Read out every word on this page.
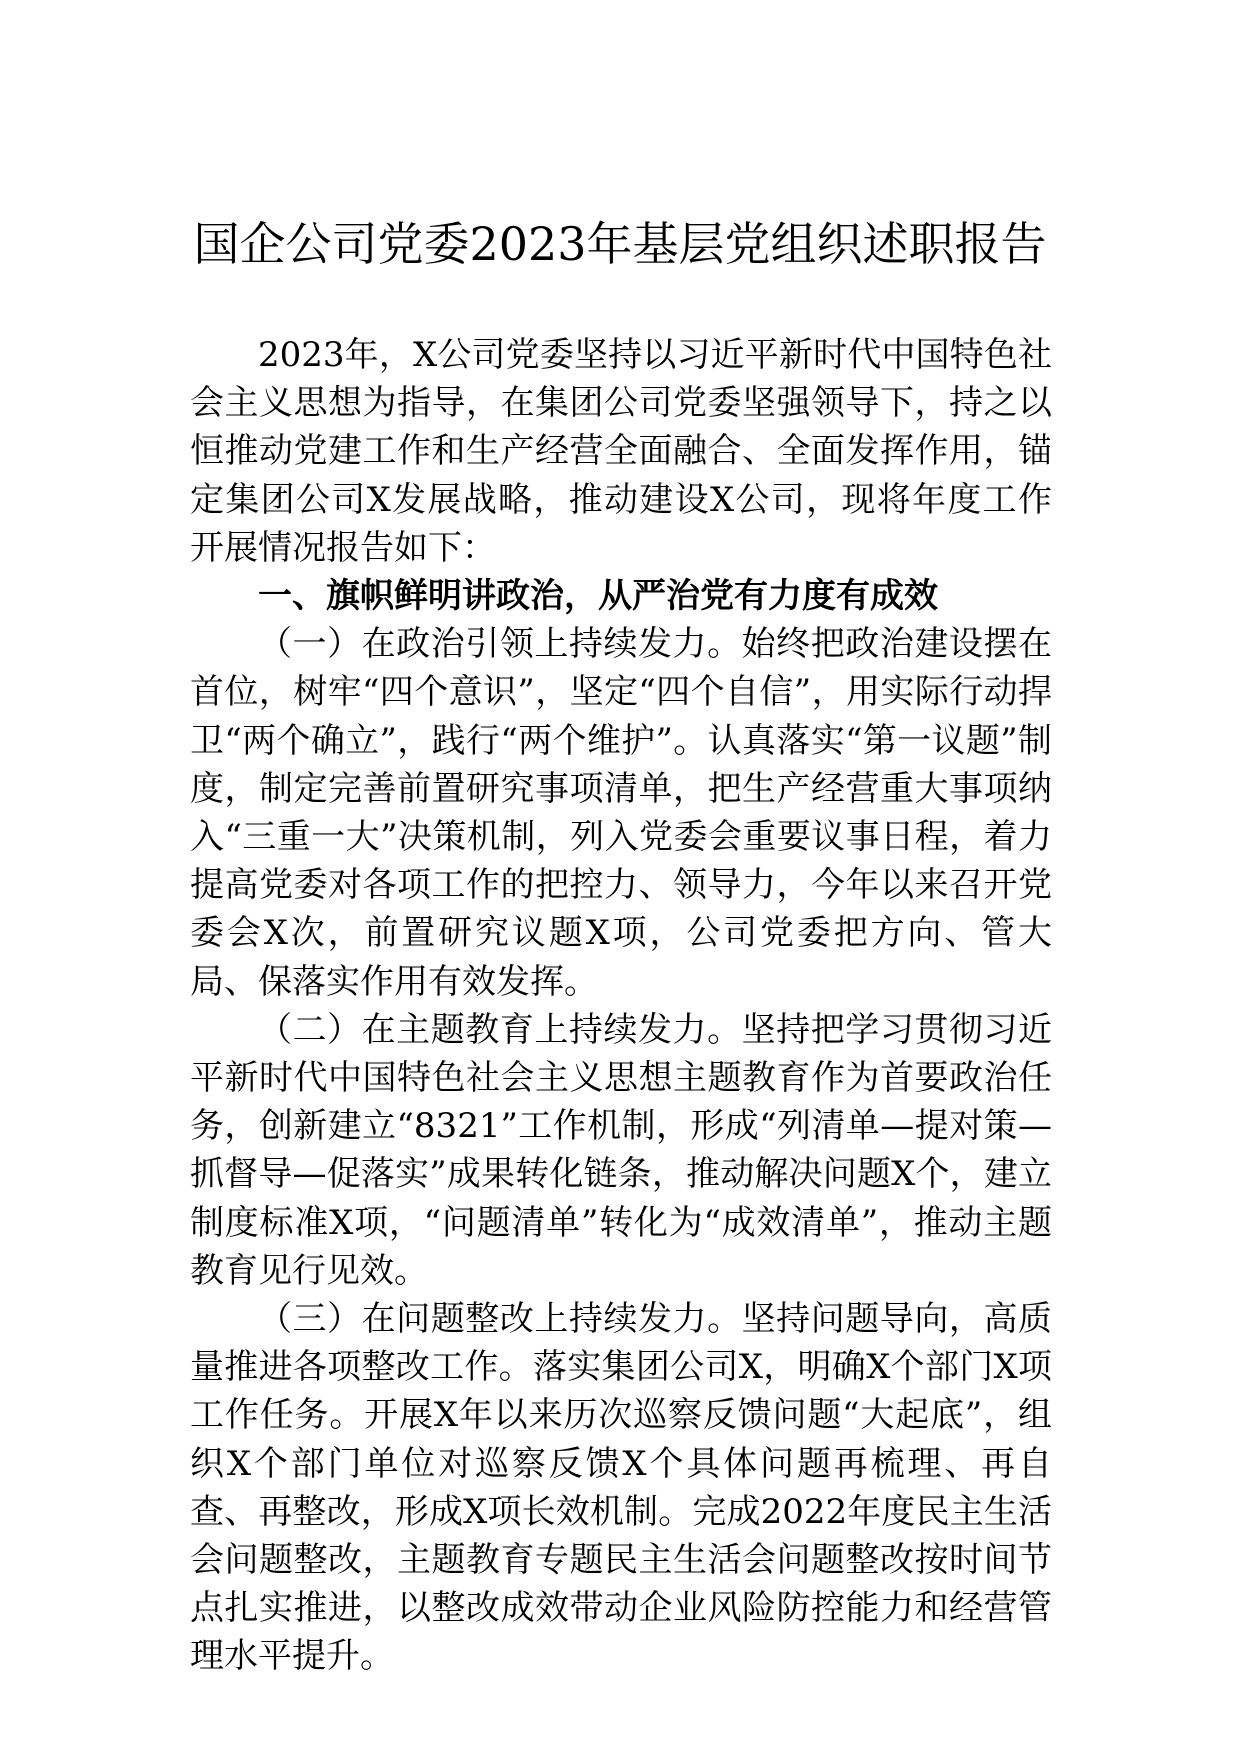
国企公司党委2023年基层党组织述职报告

2023年，X公司党委坚持以习近平新时代中国特色社会主义思想为指导，在集团公司党委坚强领导下，持之以恒推动党建工作和生产经营全面融合、全面发挥作用，锚定集团公司X发展战略，推动建设X公司，现将年度工作开展情况报告如下：

一、旗帜鲜明讲政治，从严治党有力度有成效

（一）在政治引领上持续发力。始终把政治建设摆在首位，树牢“四个意识”，坚定“四个自信”，用实际行动捍卫“两个确立”，践行“两个维护”。认真落实“第一议题”制度，制定完善前置研究事项清单，把生产经营重大事项纳入“三重一大”决策机制，列入党委会重要议事日程，着力提高党委对各项工作的把控力、领导力，今年以来召开党委会X次，前置研究议题X项，公司党委把方向、管大局、保落实作用有效发挥。

（二）在主题教育上持续发力。坚持把学习贯彻习近平新时代中国特色社会主义思想主题教育作为首要政治任务，创新建立“8321”工作机制，形成“列清单—提对策—抓督导—促落实”成果转化链条，推动解决问题X个，建立制度标准X项，“问题清单”转化为“成效清单”，推动主题教育见行见效。

（三）在问题整改上持续发力。坚持问题导向，高质量推进各项整改工作。落实集团公司X，明确X个部门X项工作任务。开展X年以来历次巡察反馈问题“大起底”，组织X个部门单位对巡察反馈X个具体问题再梳理、再自查、再整改，形成X项长效机制。完成2022年度民主生活会问题整改，主题教育专题民主生活会问题整改按时间节点扎实推进，以整改成效带动企业风险防控能力和经营管理水平提升。
